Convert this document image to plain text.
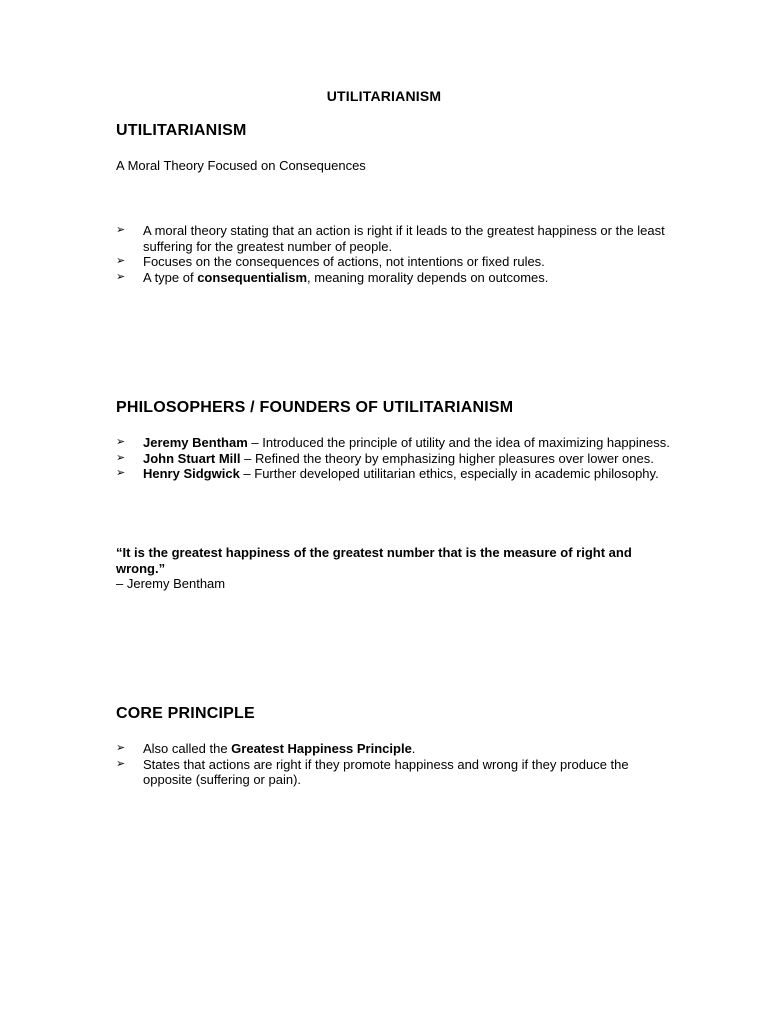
UTILITARIANISM
UTILITARIANISM
A Moral Theory Focused on Consequences
➢ A moral theory stating that an action is right if it leads to the greatest happiness or the least suffering for the greatest number of people.
➢ Focuses on the consequences of actions, not intentions or fixed rules.
➢ A type of consequentialism, meaning morality depends on outcomes.
PHILOSOPHERS / FOUNDERS OF UTILITARIANISM
➢ Jeremy Bentham – Introduced the principle of utility and the idea of maximizing happiness.
➢ John Stuart Mill – Refined the theory by emphasizing higher pleasures over lower ones.
➢ Henry Sidgwick – Further developed utilitarian ethics, especially in academic philosophy.
“It is the greatest happiness of the greatest number that is the measure of right and wrong.”
– Jeremy Bentham
CORE PRINCIPLE
➢ Also called the Greatest Happiness Principle.
➢ States that actions are right if they promote happiness and wrong if they produce the opposite (suffering or pain).
